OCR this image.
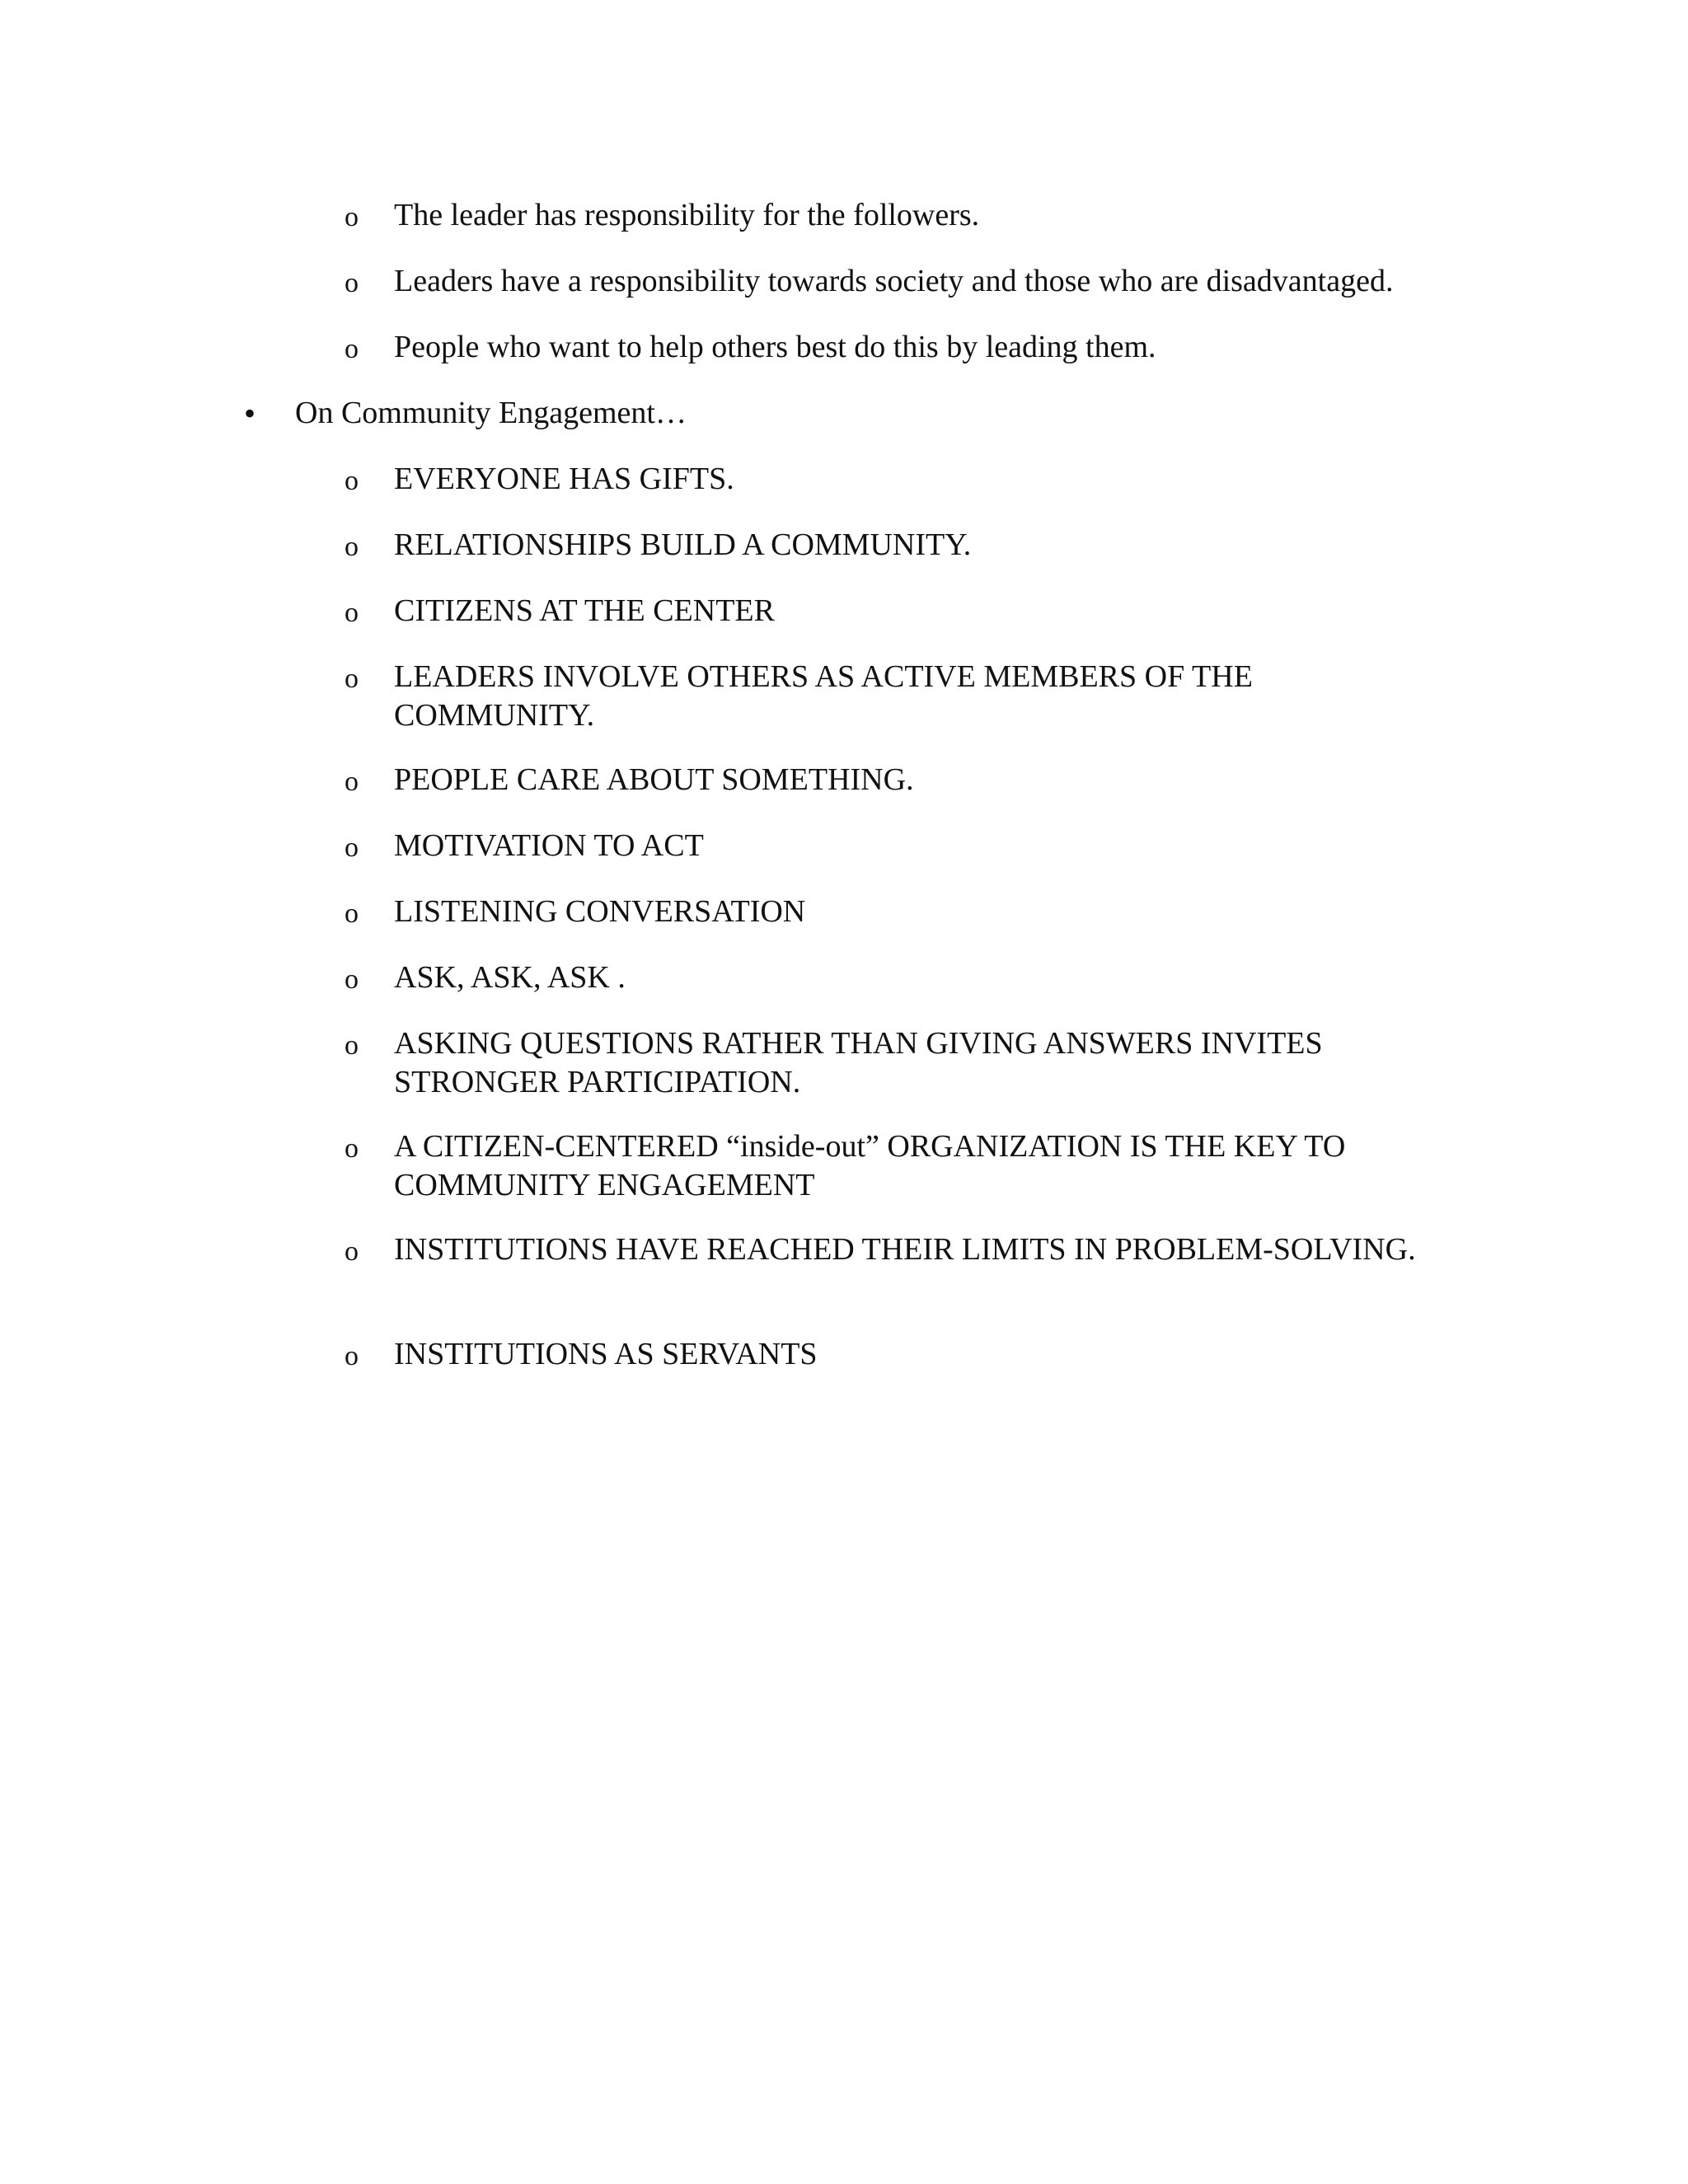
o The leader has responsibility for the followers.
o Leaders have a responsibility towards society and those who are disadvantaged.
o People who want to help others best do this by leading them.
• On Community Engagement…
o EVERYONE HAS GIFTS.
o RELATIONSHIPS BUILD A COMMUNITY.
o CITIZENS AT THE CENTER
o LEADERS INVOLVE OTHERS AS ACTIVE MEMBERS OF THE
COMMUNITY.
o PEOPLE CARE ABOUT SOMETHING.
o MOTIVATION TO ACT
o LISTENING CONVERSATION
o ASK, ASK, ASK .
o ASKING QUESTIONS RATHER THAN GIVING ANSWERS INVITES
STRONGER PARTICIPATION.
o A CITIZEN-CENTERED “inside-out” ORGANIZATION IS THE KEY TO
COMMUNITY ENGAGEMENT
o INSTITUTIONS HAVE REACHED THEIR LIMITS IN PROBLEM-SOLVING.
o INSTITUTIONS AS SERVANTS
